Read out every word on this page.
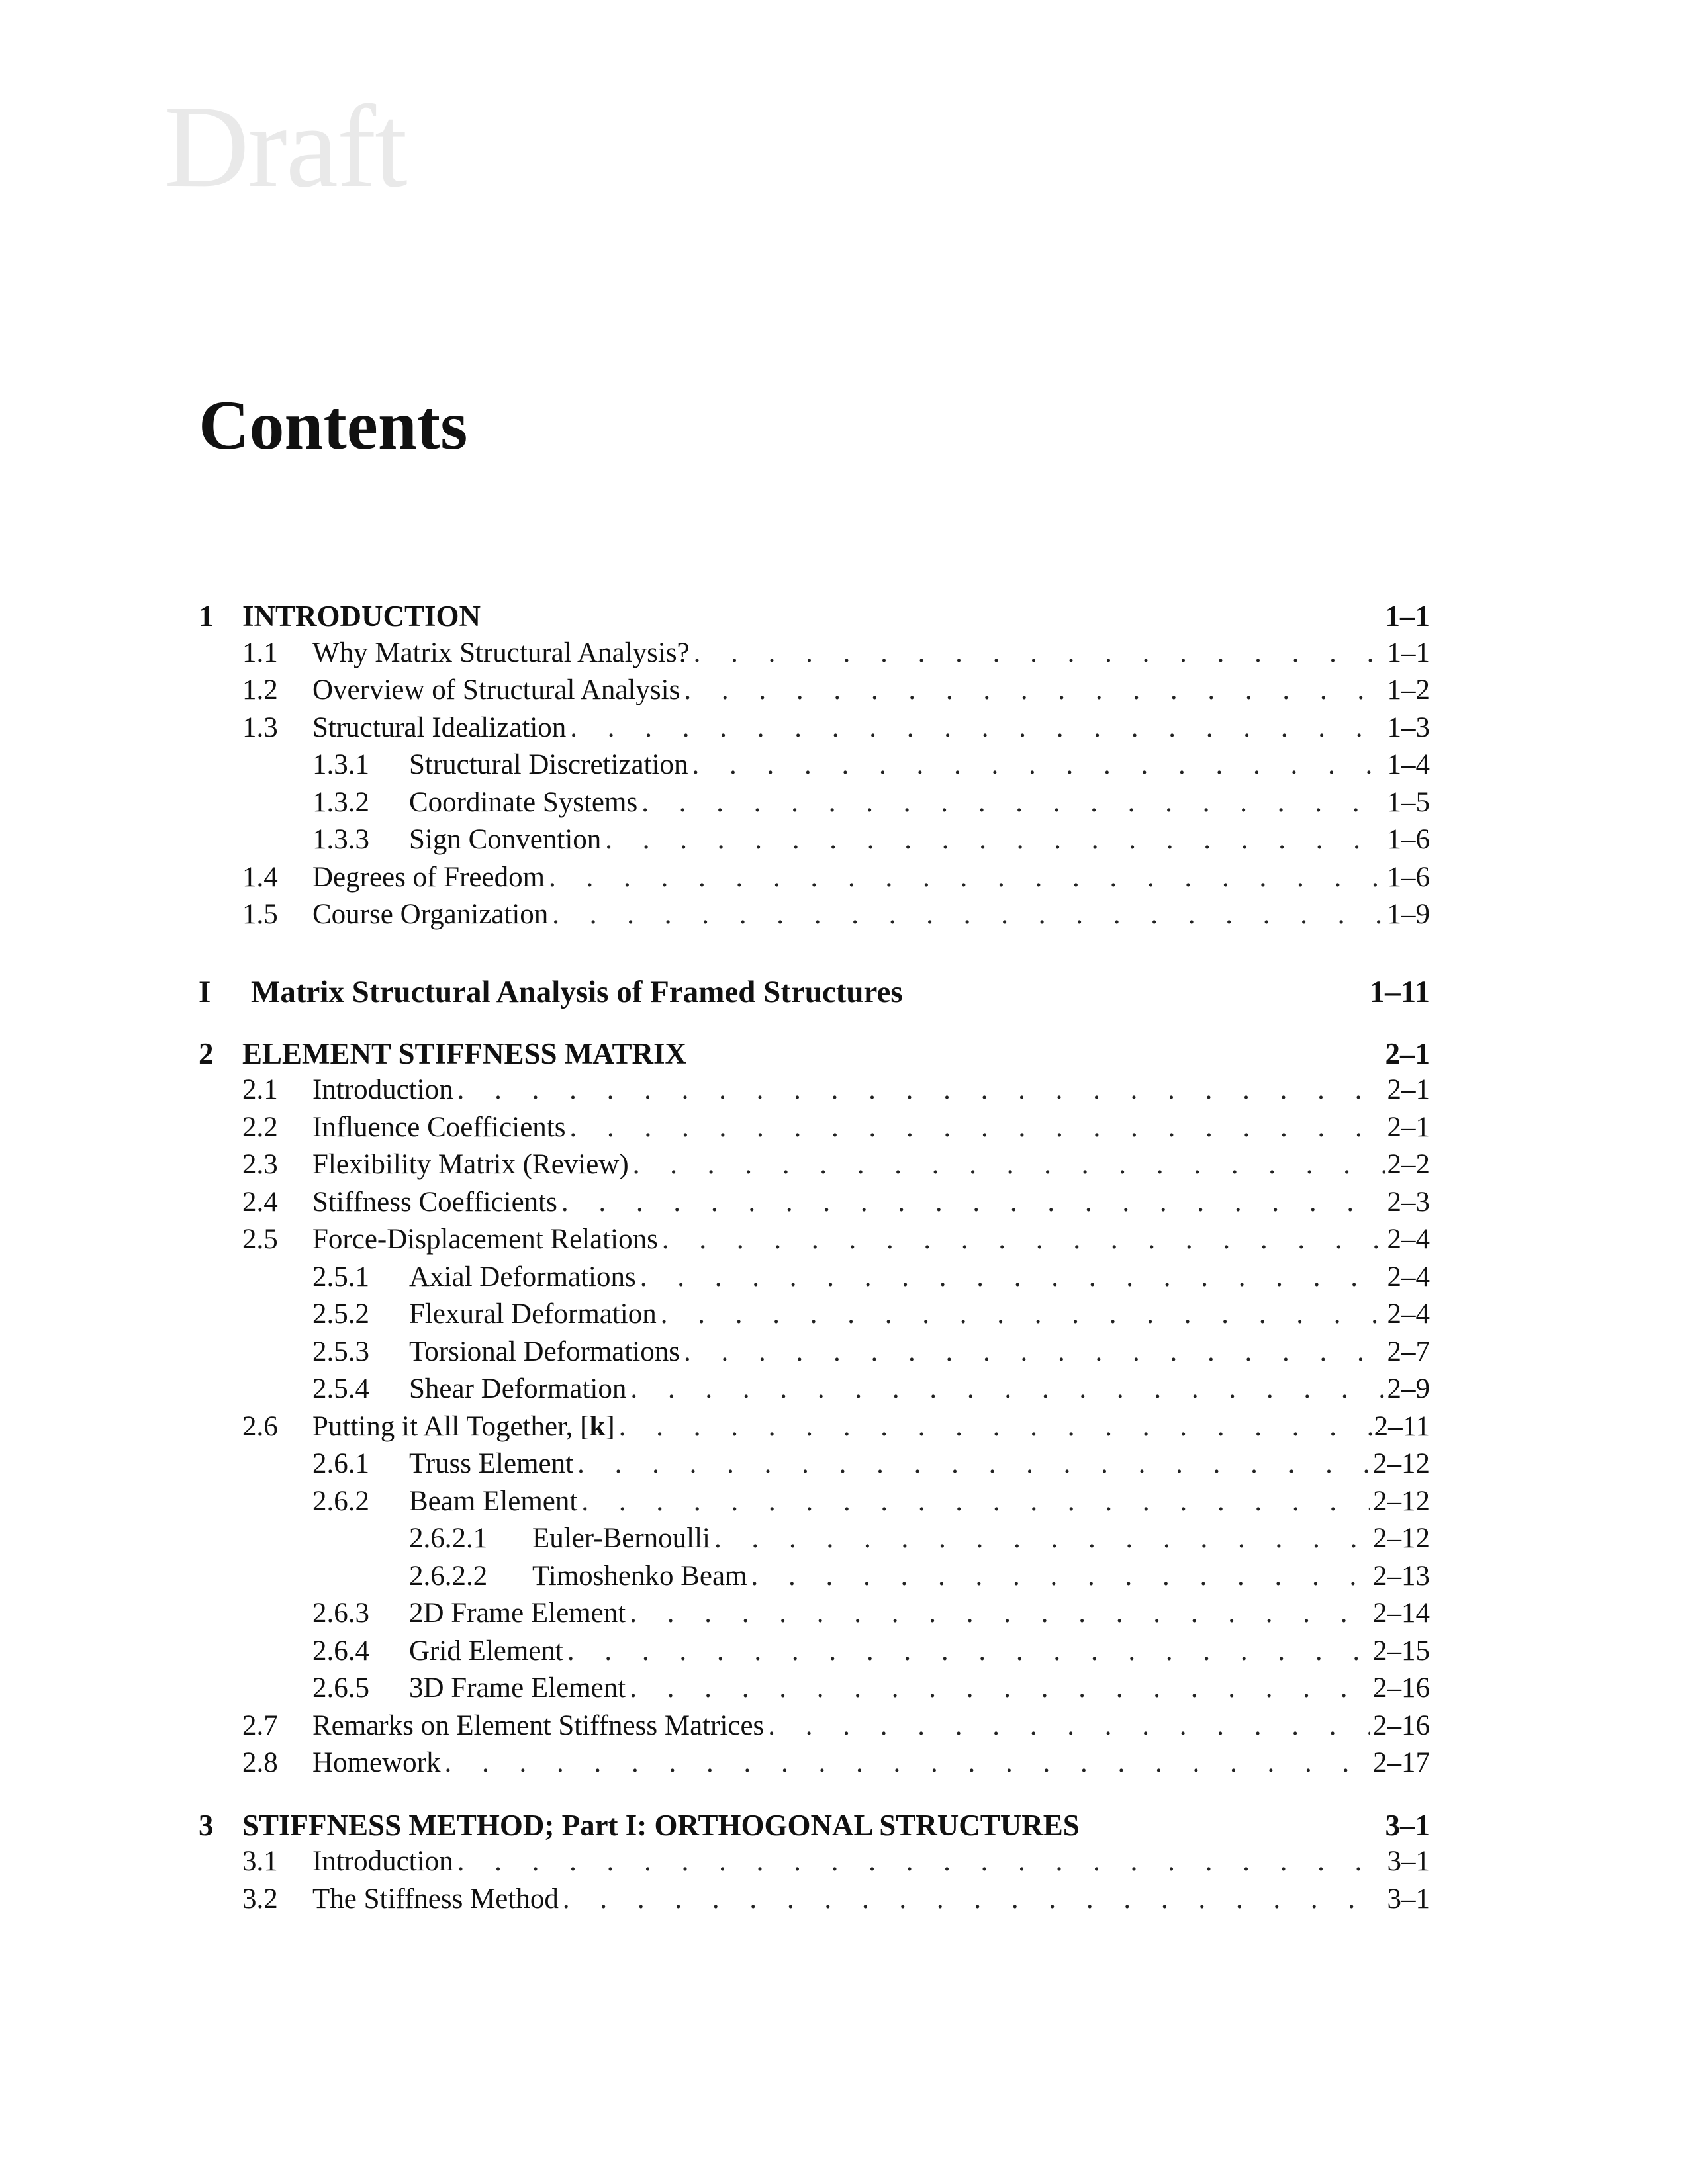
Draft
Contents
1 INTRODUCTION	1–1
1.1	Why Matrix Structural Analysis? . . .	1–1
1.2	Overview of Structural Analysis . . .	1–2
1.3	Structural Idealization . . .	1–3
1.3.1	Structural Discretization . . .	1–4
1.3.2	Coordinate Systems . . .	1–5
1.3.3	Sign Convention . . .	1–6
1.4	Degrees of Freedom . . .	1–6
1.5	Course Organization . . .	1–9
I	Matrix Structural Analysis of Framed Structures	1–11
2 ELEMENT STIFFNESS MATRIX	2–1
2.1	Introduction . . .	2–1
2.2	Influence Coefficients . . .	2–1
2.3	Flexibility Matrix (Review) . . .	2–2
2.4	Stiffness Coefficients . . .	2–3
2.5	Force-Displacement Relations . . .	2–4
2.5.1	Axial Deformations . . .	2–4
2.5.2	Flexural Deformation . . .	2–4
2.5.3	Torsional Deformations . . .	2–7
2.5.4	Shear Deformation . . .	2–9
2.6	Putting it All Together, [k] . . .	2–11
2.6.1	Truss Element . . .	2–12
2.6.2	Beam Element . . .	2–12
2.6.2.1	Euler-Bernoulli . . .	2–12
2.6.2.2	Timoshenko Beam . . .	2–13
2.6.3	2D Frame Element . . .	2–14
2.6.4	Grid Element . . .	2–15
2.6.5	3D Frame Element . . .	2–16
2.7	Remarks on Element Stiffness Matrices . . .	2–16
2.8	Homework . . .	2–17
3 STIFFNESS METHOD; Part I: ORTHOGONAL STRUCTURES	3–1
3.1	Introduction . . .	3–1
3.2	The Stiffness Method . . .	3–1
